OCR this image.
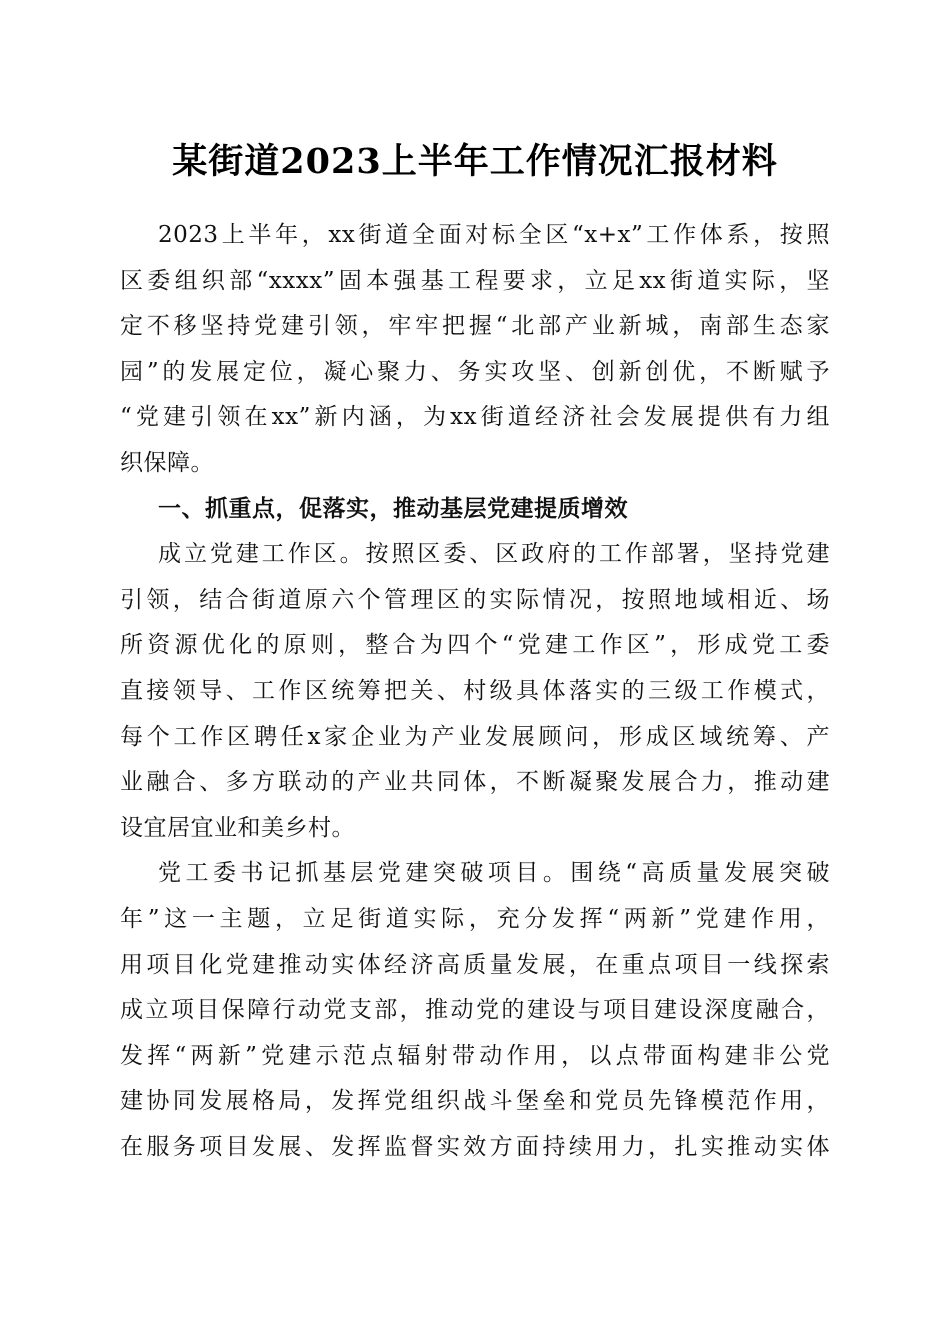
某街道2023上半年工作情况汇报材料
2023上半年，xx街道全面对标全区“x+x”工作体系，按照
区委组织部“xxxx”固本强基工程要求，立足xx街道实际，坚
定不移坚持党建引领，牢牢把握“北部产业新城，南部生态家
园”的发展定位，凝心聚力、务实攻坚、创新创优，不断赋予
“党建引领在xx”新内涵，为xx街道经济社会发展提供有力组
织保障。
一、抓重点，促落实，推动基层党建提质增效
成立党建工作区。按照区委、区政府的工作部署，坚持党建
引领，结合街道原六个管理区的实际情况，按照地域相近、场
所资源优化的原则，整合为四个“党建工作区”，形成党工委
直接领导、工作区统筹把关、村级具体落实的三级工作模式，
每个工作区聘任x家企业为产业发展顾问，形成区域统筹、产
业融合、多方联动的产业共同体，不断凝聚发展合力，推动建
设宜居宜业和美乡村。
党工委书记抓基层党建突破项目。围绕“高质量发展突破
年”这一主题，立足街道实际，充分发挥“两新”党建作用，
用项目化党建推动实体经济高质量发展，在重点项目一线探索
成立项目保障行动党支部，推动党的建设与项目建设深度融合，
发挥“两新”党建示范点辐射带动作用，以点带面构建非公党
建协同发展格局，发挥党组织战斗堡垒和党员先锋模范作用，
在服务项目发展、发挥监督实效方面持续用力，扎实推动实体
